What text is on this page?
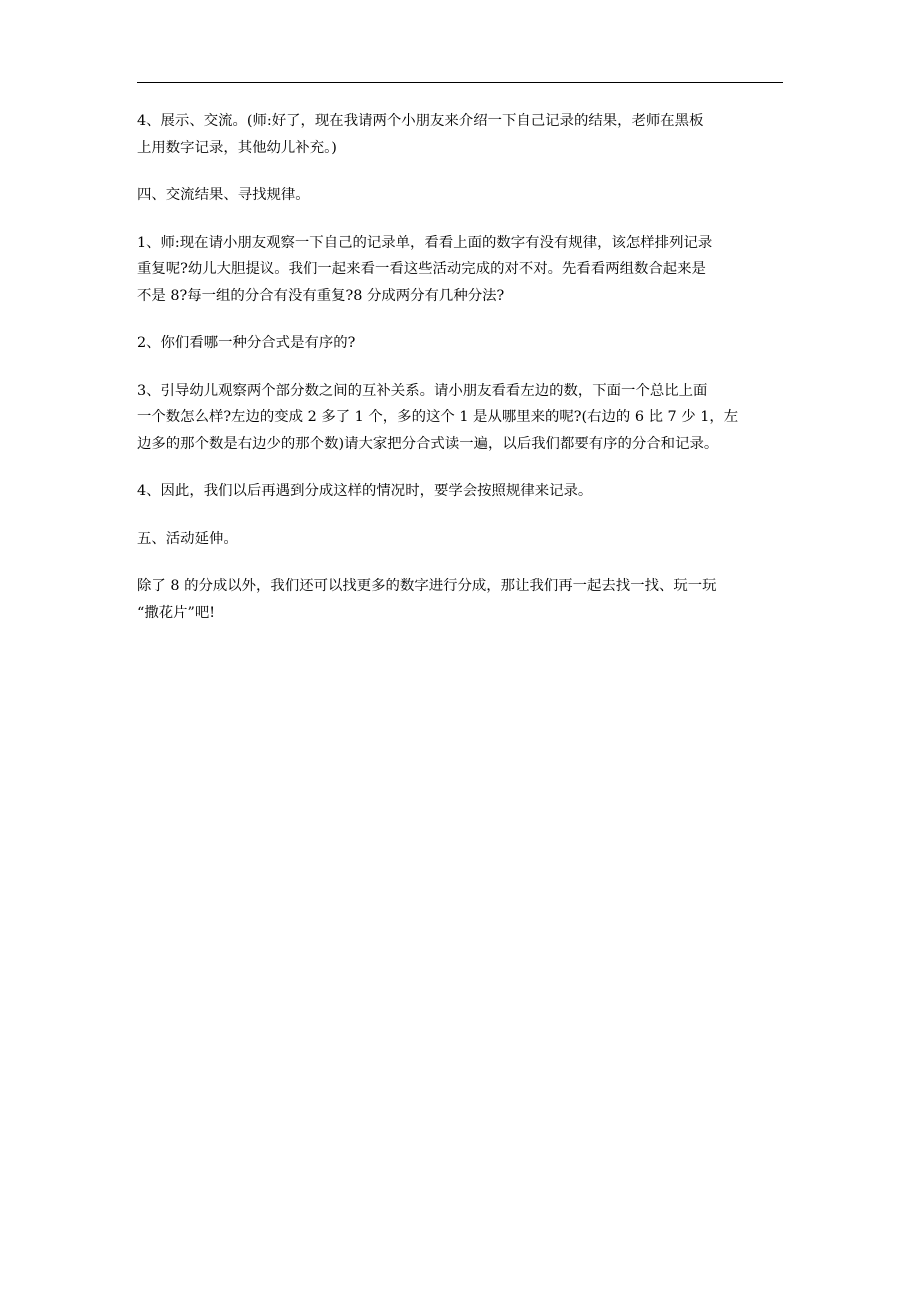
4、展示、交流。(师:好了，现在我请两个小朋友来介绍一下自己记录的结果，老师在黑板
上用数字记录，其他幼儿补充。)

四、交流结果、寻找规律。

1、师:现在请小朋友观察一下自己的记录单，看看上面的数字有没有规律，该怎样排列记录
重复呢?幼儿大胆提议。我们一起来看一看这些活动完成的对不对。先看看两组数合起来是
不是 8?每一组的分合有没有重复?8 分成两分有几种分法?

2、你们看哪一种分合式是有序的?

3、引导幼儿观察两个部分数之间的互补关系。请小朋友看看左边的数，下面一个总比上面
一个数怎么样?左边的变成 2 多了 1 个，多的这个 1 是从哪里来的呢?(右边的 6 比 7 少 1，左
边多的那个数是右边少的那个数)请大家把分合式读一遍，以后我们都要有序的分合和记录。

4、因此，我们以后再遇到分成这样的情况时，要学会按照规律来记录。

五、活动延伸。

除了 8 的分成以外，我们还可以找更多的数字进行分成，那让我们再一起去找一找、玩一玩
“撒花片”吧!
